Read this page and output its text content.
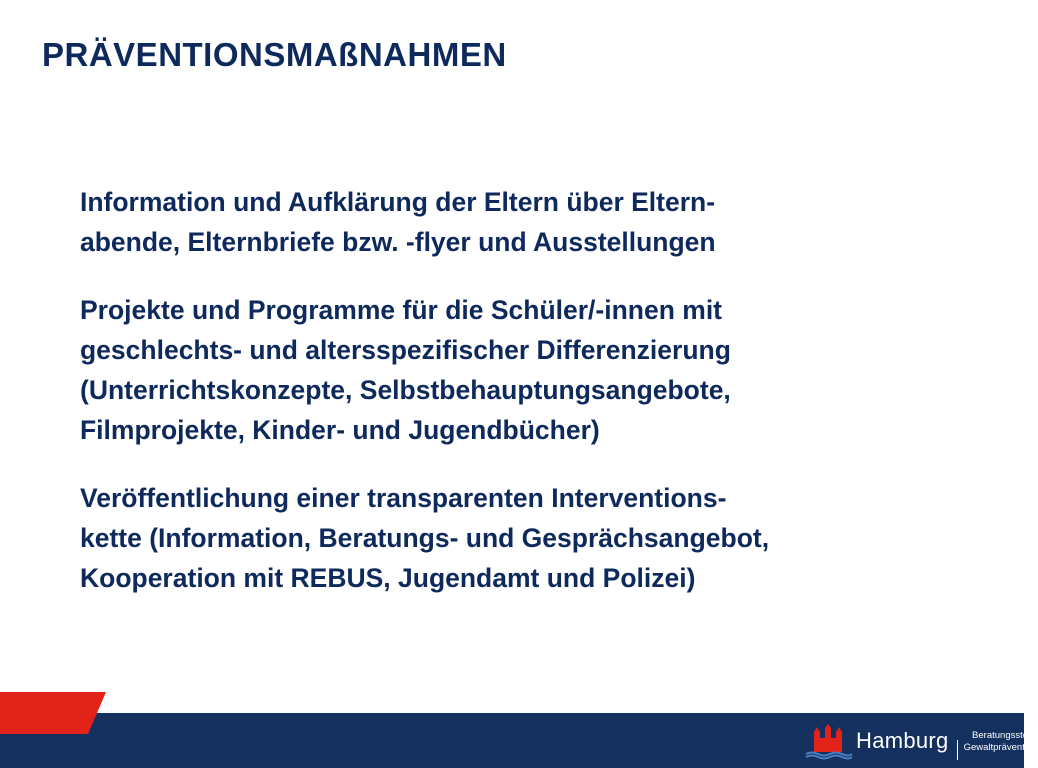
PRÄVENTIONSMAßNAHMEN

Information und Aufklärung der Eltern über Eltern-
abende, Elternbriefe bzw. -flyer und Ausstellungen

Projekte und Programme für die Schüler/-innen mit
geschlechts- und altersspezifischer Differenzierung
(Unterrichtskonzepte, Selbstbehauptungsangebote,
Filmprojekte, Kinder- und Jugendbücher)

Veröffentlichung einer transparenten Interventions-
kette (Information, Beratungs- und Gesprächsangebot,
Kooperation mit REBUS, Jugendamt und Polizei)

Hamburg	Beratungsstelle
Gewaltprävention
